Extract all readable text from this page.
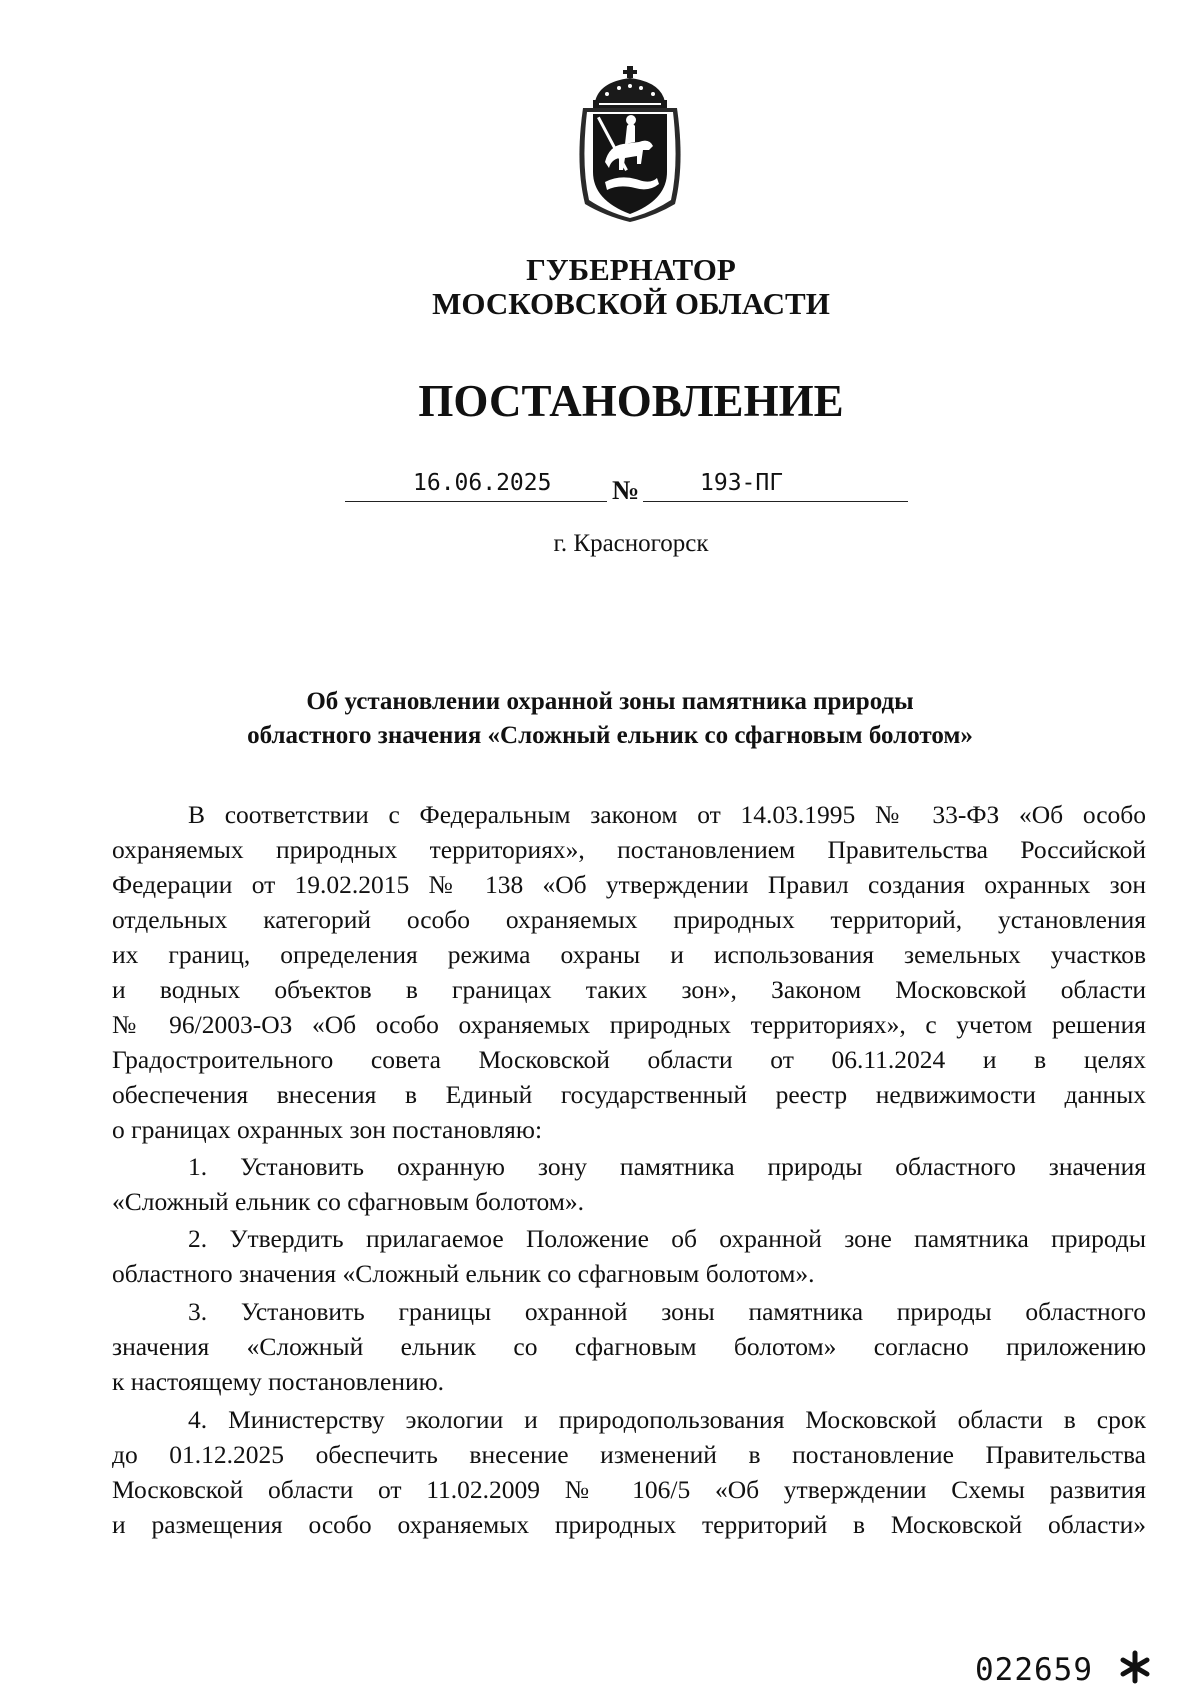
ГУБЕРНАТОР
МОСКОВСКОЙ ОБЛАСТИ
ПОСТАНОВЛЕНИЕ
16.06.2025 №	193-ПГ
г. Красногорск
Об установлении охранной зоны памятника природы
областного значения «Сложный ельник со сфагновым болотом»
В соответствии с Федеральным законом от 14.03.1995 № 33-ФЗ «Об особо
охраняемых природных территориях», постановлением Правительства Российской
Федерации от 19.02.2015 № 138 «Об утверждении Правил создания охранных зон
отдельных категорий особо охраняемых природных территорий, установления
их границ, определения режима охраны и использования земельных участков
и водных объектов в границах таких зон», Законом Московской области
№ 96/2003-ОЗ «Об особо охраняемых природных территориях», с учетом решения
Градостроительного совета Московской области от 06.11.2024 и в целях
обеспечения внесения в Единый государственный реестр недвижимости данных
о границах охранных зон постановляю:
1. Установить охранную зону памятника природы областного значения
«Сложный ельник со сфагновым болотом».
2. Утвердить прилагаемое Положение об охранной зоне памятника природы
областного значения «Сложный ельник со сфагновым болотом».
3. Установить границы охранной зоны памятника природы областного
значения «Сложный ельник со сфагновым болотом» согласно приложению
к настоящему постановлению.
4. Министерству экологии и природопользования Московской области в срок
до 01.12.2025 обеспечить внесение изменений в постановление Правительства
Московской области от 11.02.2009 № 106/5 «Об утверждении Схемы развития
и размещения особо охраняемых природных территорий в Московской области»
022659
